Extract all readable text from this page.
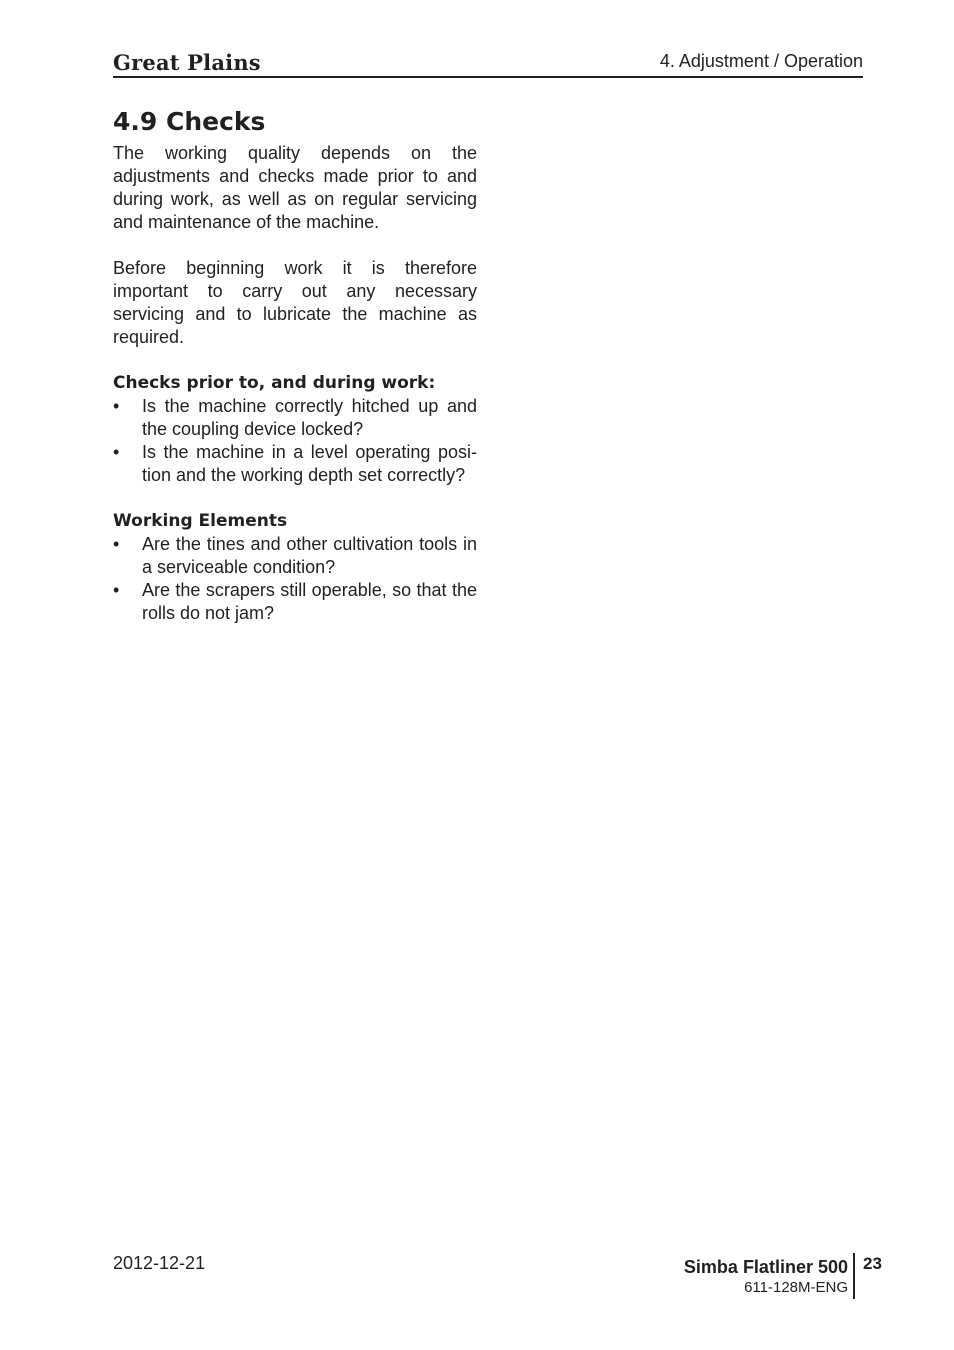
Great Plains	4. Adjustment / Operation
4.9 Checks

The working quality depends on the adjustments and checks made prior to and during work, as well as on regular servicing and maintenance of the machine.

Before beginning work it is therefore important to carry out any necessary servicing and to lubricate the machine as required.

Checks prior to, and during work:
• Is the machine correctly hitched up and the coupling device locked?
• Is the machine in a level operating position and the working depth set correctly?
Working Elements
• Are the tines and other cultivation tools in a serviceable condition?
• Are the scrapers still operable, so that the rolls do not jam?
2012-12-21	Simba Flatliner 500
611-128M-ENG
23
